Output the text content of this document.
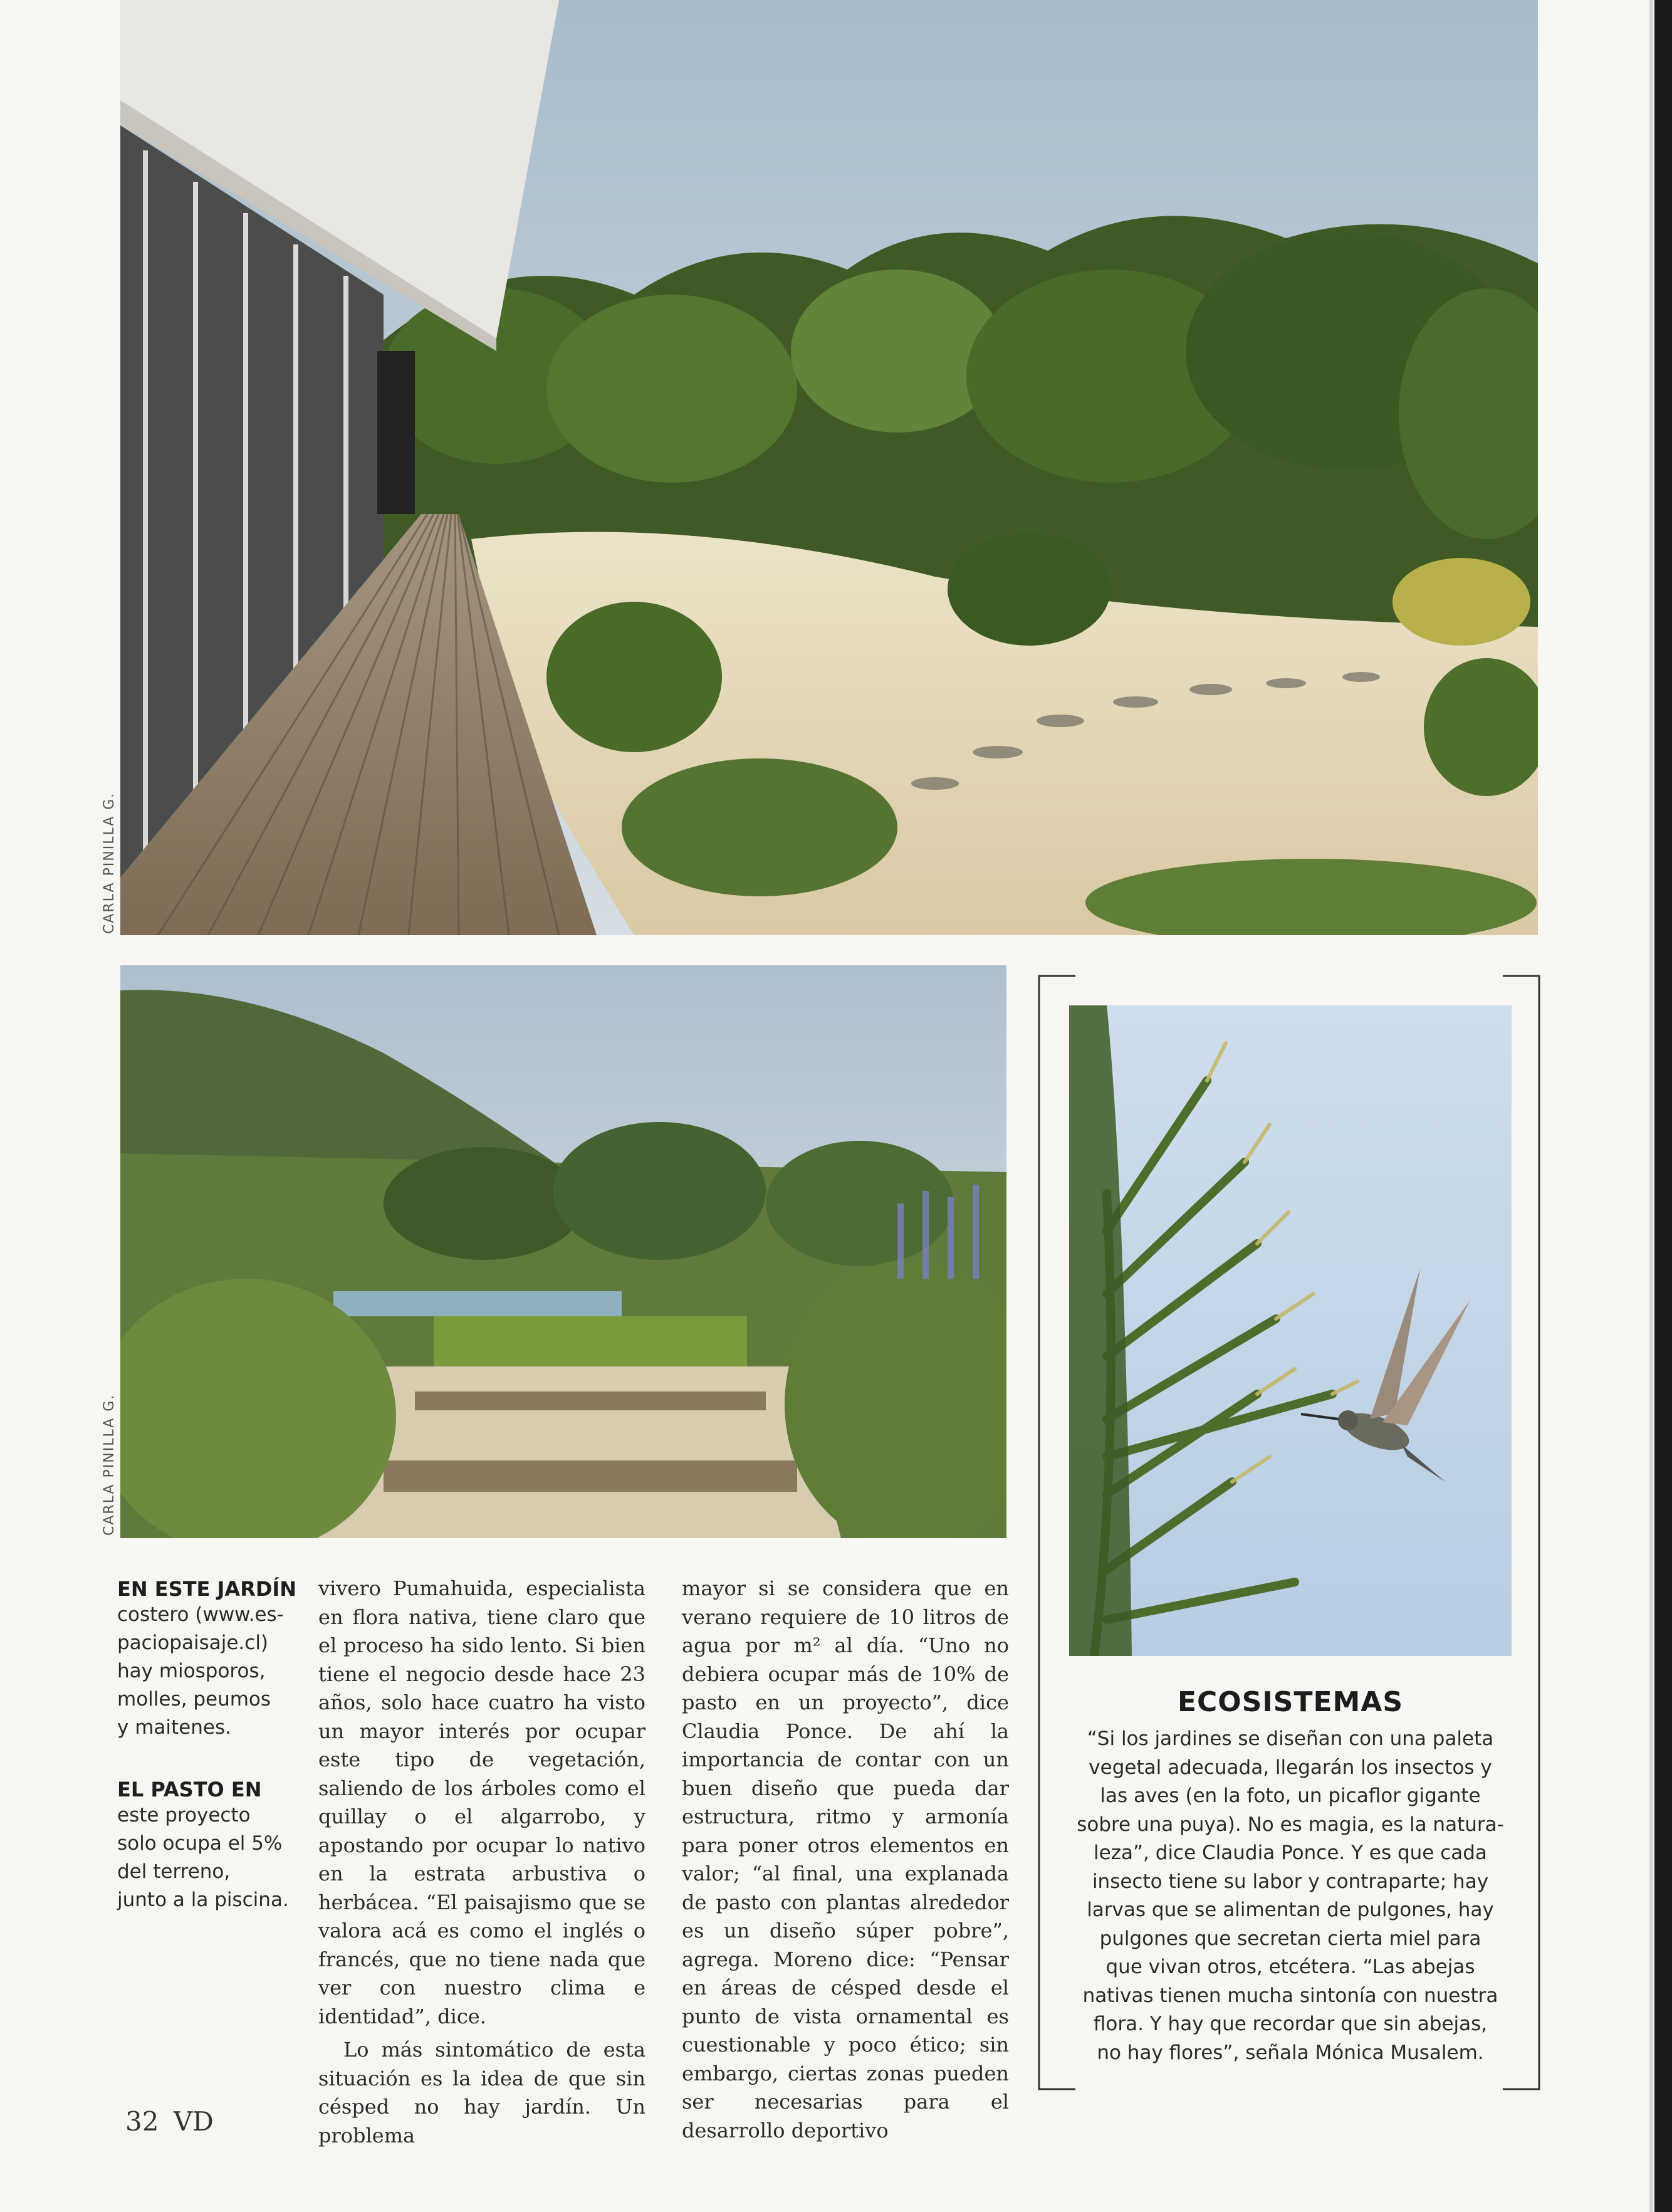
CARLA PINILLA G.
CARLA PINILLA G.
EN ESTE JARDÍN
costero (www.es-
paciopaisaje.cl)
hay miosporos,
molles, peumos
y maitenes.
EL PASTO EN
este proyecto
solo ocupa el 5%
del terreno,
junto a la piscina.

vivero Pumahuida, especialista en flora nativa, tiene claro que el proceso ha sido lento. Si bien tiene el negocio desde hace 23 años, solo hace cuatro ha visto un mayor interés por ocupar este tipo de vegetación, saliendo de los árboles como el quillay o el algarrobo, y apostando por ocupar lo nativo en la estrata arbustiva o herbácea. “El paisajismo que se valora acá es como el inglés o francés, que no tiene nada que ver con nuestro clima e identidad”, dice.

Lo más sintomático de esta situación es la idea de que sin césped no hay jardín. Un problema

mayor si se considera que en verano requiere de 10 litros de agua por m² al día. “Uno no debiera ocupar más de 10% de pasto en un proyecto”, dice Claudia Ponce. De ahí la importancia de contar con un buen diseño que pueda dar estructura, ritmo y armonía para poner otros elementos en valor; “al final, una explanada de pasto con plantas alrededor es un diseño súper pobre”, agrega. Moreno dice: “Pensar en áreas de césped desde el punto de vista ornamental es cuestionable y poco ético; sin embargo, ciertas zonas pueden ser necesarias para el desarrollo deportivo

ECOSISTEMAS
“Si los jardines se diseñan con una paleta
vegetal adecuada, llegarán los insectos y
las aves (en la foto, un picaflor gigante
sobre una puya). No es magia, es la natura-
leza”, dice Claudia Ponce. Y es que cada
insecto tiene su labor y contraparte; hay
larvas que se alimentan de pulgones, hay
pulgones que secretan cierta miel para
que vivan otros, etcétera. “Las abejas
nativas tienen mucha sintonía con nuestra
flora. Y hay que recordar que sin abejas,
no hay flores”, señala Mónica Musalem.
32 VD
